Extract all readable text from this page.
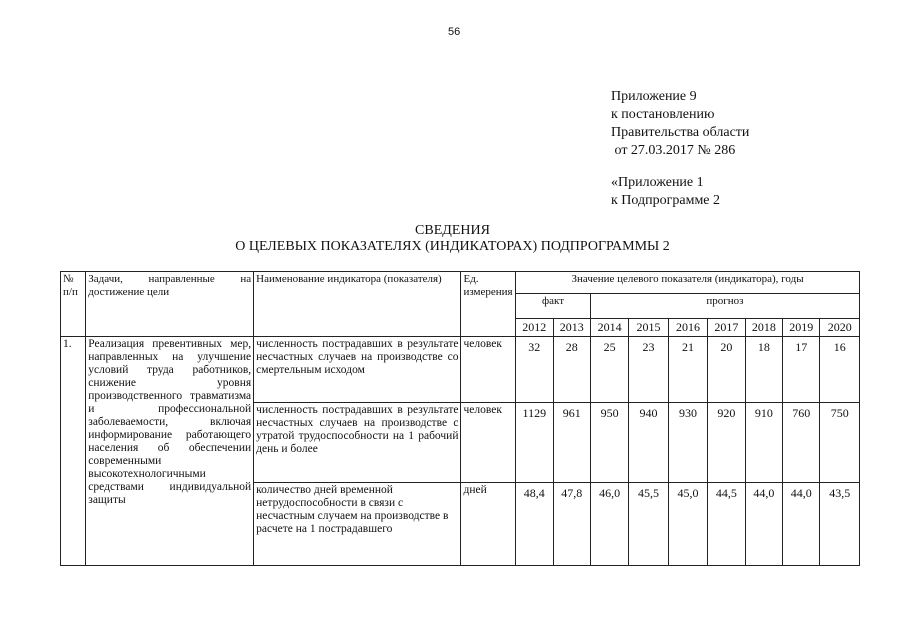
56
Приложение 9
к постановлению
Правительства области
от 27.03.2017 № 286
«Приложение 1
к Подпрограмме 2
СВЕДЕНИЯ
О ЦЕЛЕВЫХ ПОКАЗАТЕЛЯХ (ИНДИКАТОРАХ) ПОДПРОГРАММЫ 2
№ п/п	Задачи, направленные на достижение цели	Наименование индикатора (показателя)	Ед. измерения	Значение целевого показателя (индикатора), годы								
				факт		прогноз						
				2012	2013	2014	2015	2016	2017	2018	2019	2020
1.	Реализация превентивных мер, направленных на улучшение условий труда работников, снижение уровня производственного травматизма и профессиональной заболеваемости, включая информирование работающего населения об обеспечении современными высокотехнологичными средствами индивидуальной защиты	численность пострадавших в результате несчастных случаев на производстве со смертельным исходом	человек	32	28	25	23	21	20	18	17	16
		численность пострадавших в результате несчастных случаев на производстве с утратой трудоспособности на 1 рабочий день и более	человек	1129	961	950	940	930	920	910	760	750
		количество дней временной нетрудоспособности в связи с несчастным случаем на производстве в расчете на 1 пострадавшего	дней	48,4	47,8	46,0	45,5	45,0	44,5	44,0	44,0	43,5
